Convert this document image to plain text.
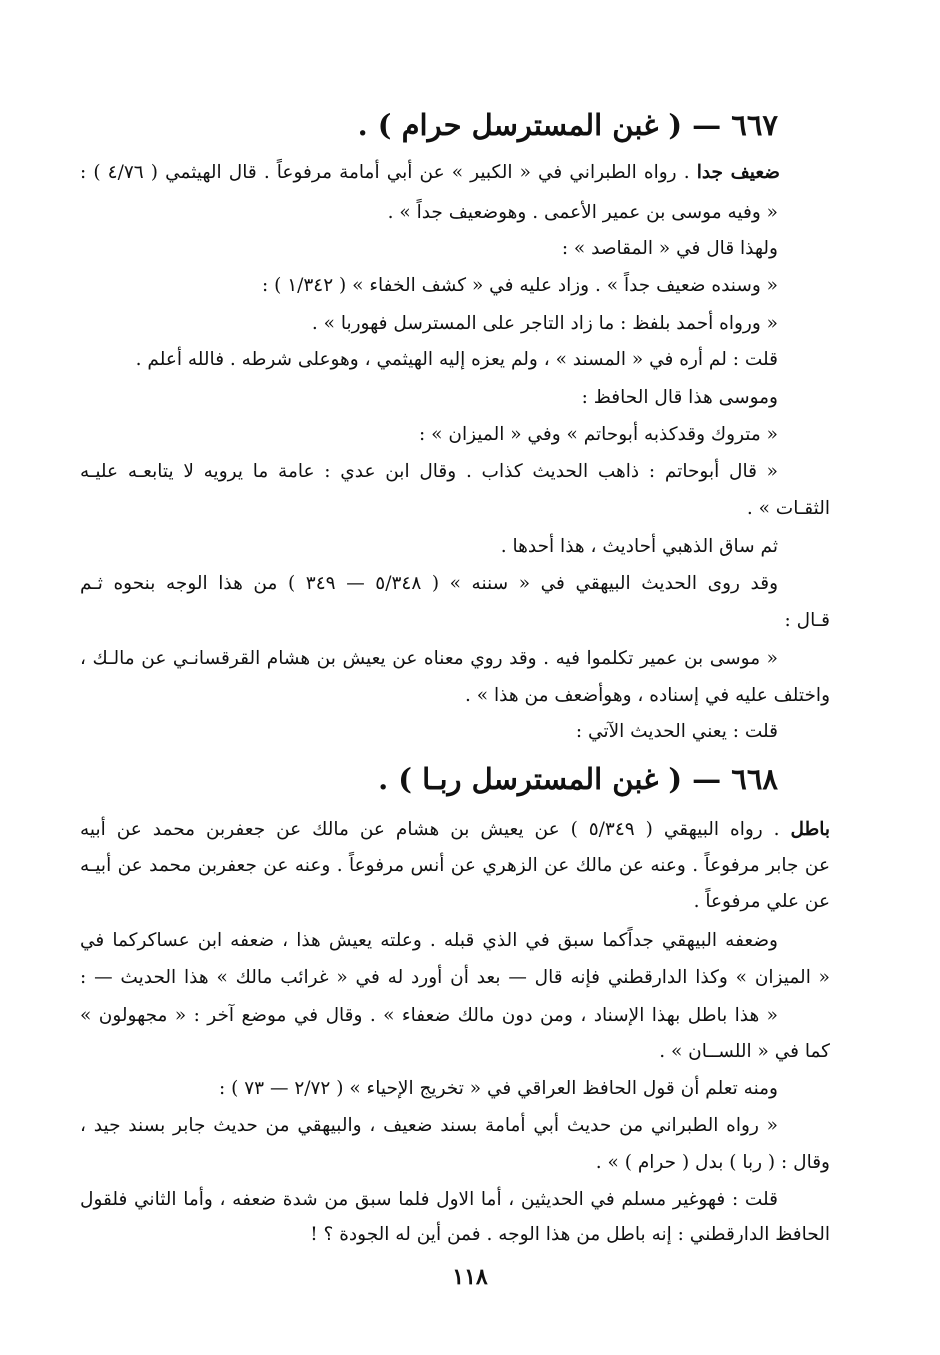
٦٦٧ — ( غبن المسترسل حرام ) .
ضعيف جدا . رواه الطبراني في « الكبير » عن أبي أمامة مرفوعاً . قال الهيثمي ( ٤/٧٦ ) :
« وفيه موسى بن عمير الأعمى . وهوضعيف جداً » .
ولهذا قال في « المقاصد » :
« وسنده ضعيف جداً » . وزاد عليه في « كشف الخفاء » ( ١/٣٤٢ ) :
« ورواه أحمد بلفظ : ما زاد التاجر على المسترسل فهوربا » .
قلت : لم أره في « المسند » ، ولم يعزه إليه الهيثمي ، وهوعلى شرطه . فالله أعلم .
وموسى هذا قال الحافظ :
« متروك وقدكذبه أبوحاتم » وفي « الميزان » :
« قال أبوحاتم : ذاهب الحديث كذاب . وقال ابن عدي : عامة ما يرويه لا يتابعـه عليـه
الثقـات » .
ثم ساق الذهبي أحاديث ، هذا أحدها .
وقد روى الحديث البيهقي في « سننه » ( ٥/٣٤٨ — ٣٤٩ ) من هذا الوجه بنحوه ثـم
قـال :
« موسى بن عمير تكلموا فيه . وقد روي معناه عن يعيش بن هشام القرقسانـي عن مالـك ،
واختلف عليه في إسناده ، وهوأضعف من هذا » .
قلت : يعني الحديث الآتي :
٦٦٨ — ( غبن المسترسل ربـا ) .
باطل . رواه البيهقي ( ٥/٣٤٩ ) عن يعيش بن هشام عن مالك عن جعفربن محمد عن أبيه
عن جابر مرفوعاً . وعنه عن مالك عن الزهري عن أنس مرفوعاً . وعنه عن جعفربن محمد عن أبيـه
عن علي مرفوعاً .
وضعفه البيهقي جداًكما سبق في الذي قبله . وعلته يعيش هذا ، ضعفه ابن عساكركما في
« الميزان » وكذا الدارقطني فإنه قال — بعد أن أورد له في « غرائب مالك » هذا الحديث — :
« هذا باطل بهذا الإسناد ، ومن دون مالك ضعفاء » . وقال في موضع آخر : « مجهولون »
كما في « اللســان » .
ومنه تعلم أن قول الحافظ العراقي في « تخريج الإحياء » ( ٢/٧٢ — ٧٣ ) :
« رواه الطبراني من حديث أبي أمامة بسند ضعيف ، والبيهقي من حديث جابر بسند جيد ،
وقال : ( ربا ) بدل ( حرام ) » .
قلت : فهوغير مسلم في الحديثين ، أما الاول فلما سبق من شدة ضعفه ، وأما الثاني فلقول
الحافظ الدارقطني : إنه باطل من هذا الوجه . فمن أين له الجودة ؟ !
١١٨
